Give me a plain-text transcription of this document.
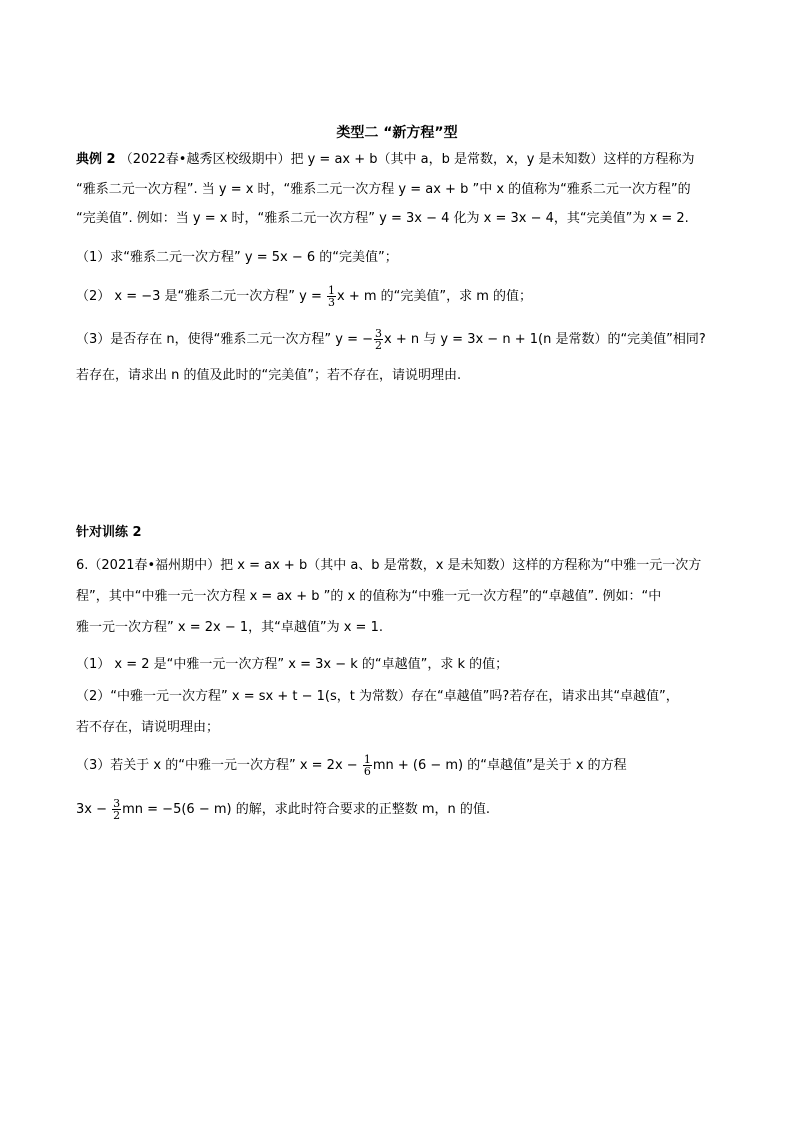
类型二 “新方程”型
典例 2 （2022春•越秀区校级期中）把 y = ax + b（其中 a，b 是常数，x，y 是未知数）这样的方程称为
“雅系二元一次方程”. 当 y = x 时，“雅系二元一次方程 y = ax + b ”中 x 的值称为“雅系二元一次方程”的
“完美值”. 例如：当 y = x 时，“雅系二元一次方程” y = 3x − 4 化为 x = 3x − 4，其“完美值”为 x = 2.
（1）求“雅系二元一次方程” y = 5x − 6 的“完美值”；
（2） x = −3 是“雅系二元一次方程” $y = \frac{1}{3}$ x + m 的“完美值”，求 m 的值；
（3）是否存在 n，使得“雅系二元一次方程” y = − $\frac{3}{2}$ x + n 与 y = 3x − n + 1(n 是常数）的“完美值”相同?
若存在，请求出 n 的值及此时的“完美值”；若不存在，请说明理由.
针对训练 2
6.（2021春•福州期中）把 x = ax + b（其中 a、b 是常数，x 是未知数）这样的方程称为“中雅一元一次方
程”，其中“中雅一元一次方程 x = ax + b ”的 x 的值称为“中雅一元一次方程”的“卓越值”. 例如：“中
雅一元一次方程” x = 2x − 1，其“卓越值”为 x = 1.
（1） x = 2 是“中雅一元一次方程” x = 3x − k 的“卓越值”，求 k 的值；
（2）“中雅一元一次方程” x = sx + t − 1(s，t 为常数）存在“卓越值”吗?若存在，请求出其“卓越值”，
若不存在，请说明理由；
（3）若关于 x 的“中雅一元一次方程” $x = 2x - \frac{1}{6}$ mn + (6 − m) 的“卓越值”是关于 x 的方程
$3x - \frac{3}{2}$ mn = −5(6 − m) 的解，求此时符合要求的正整数 m，n 的值.
